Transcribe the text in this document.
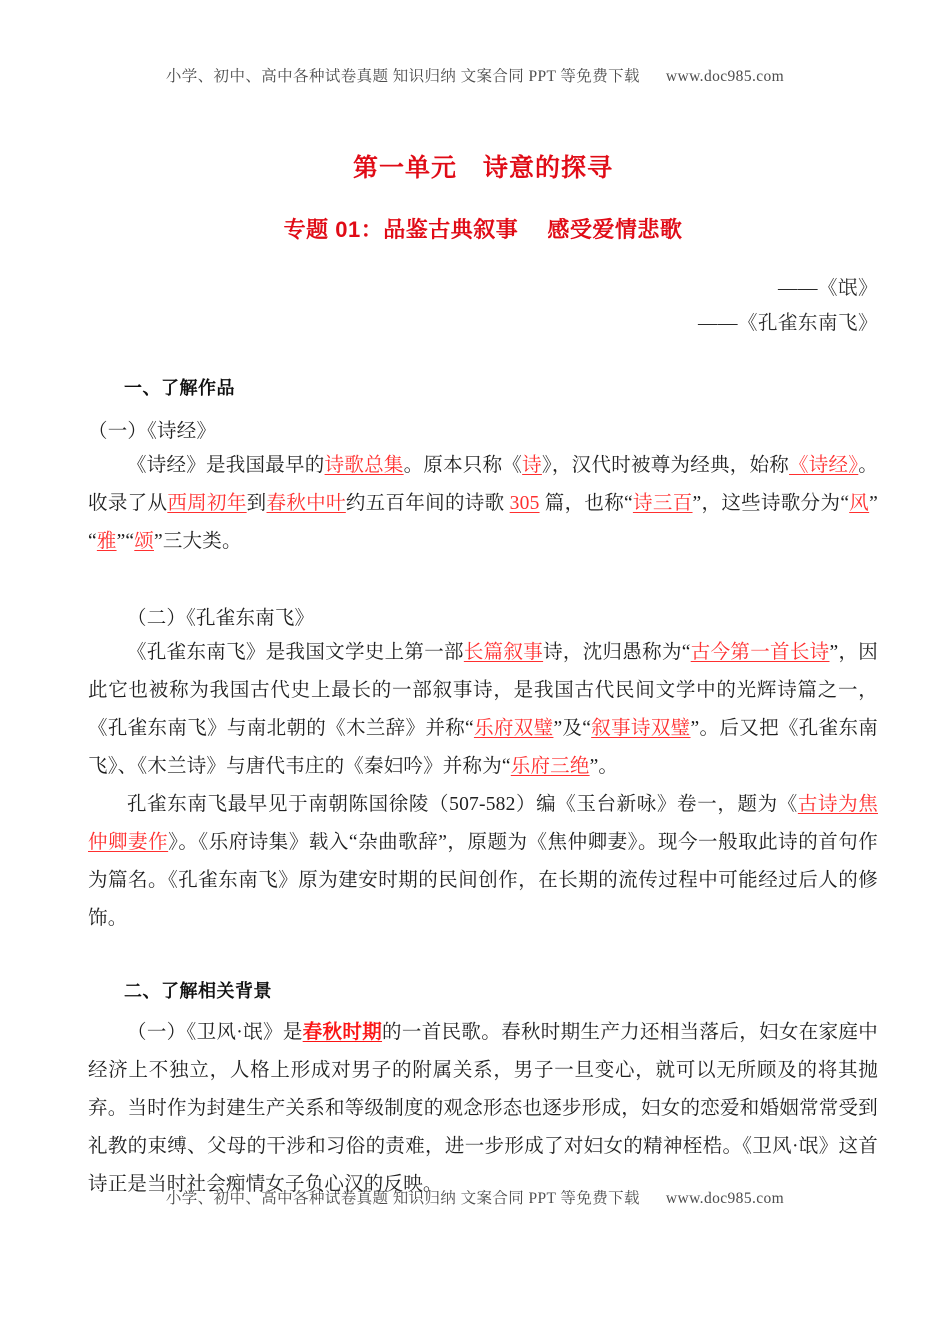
小学、初中、高中各种试卷真题 知识归纳 文案合同 PPT 等免费下载 www.doc985.com
第一单元　诗意的探寻
专题 01：品鉴古典叙事　 感受爱情悲歌
——《氓》
——《孔雀东南飞》
一、了解作品
（一）《诗经》
《诗经》是我国最早的诗歌总集。原本只称《诗》，汉代时被尊为经典，始称《诗经》。收录了从西周初年到春秋中叶约五百年间的诗歌 305 篇，也称“诗三百”，这些诗歌分为“风”“雅”“颂”三大类。
（二）《孔雀东南飞》
《孔雀东南飞》是我国文学史上第一部长篇叙事诗，沈归愚称为“古今第一首长诗”，因此它也被称为我国古代史上最长的一部叙事诗，是我国古代民间文学中的光辉诗篇之一，《孔雀东南飞》与南北朝的《木兰辞》并称“乐府双璧”及“叙事诗双璧”。后又把《孔雀东南飞》、《木兰诗》与唐代韦庄的《秦妇吟》并称为“乐府三绝”。
孔雀东南飞最早见于南朝陈国徐陵（507-582）编《玉台新咏》卷一，题为《古诗为焦仲卿妻作》。《乐府诗集》载入“杂曲歌辞”，原题为《焦仲卿妻》。现今一般取此诗的首句作为篇名。《孔雀东南飞》原为建安时期的民间创作，在长期的流传过程中可能经过后人的修饰。
二、了解相关背景
（一）《卫风·氓》是春秋时期的一首民歌。春秋时期生产力还相当落后，妇女在家庭中经济上不独立，人格上形成对男子的附属关系，男子一旦变心，就可以无所顾及的将其抛弃。当时作为封建生产关系和等级制度的观念形态也逐步形成，妇女的恋爱和婚姻常常受到礼教的束缚、父母的干涉和习俗的责难，进一步形成了对妇女的精神桎梏。《卫风·氓》这首诗正是当时社会痴情女子负心汉的反映。
小学、初中、高中各种试卷真题 知识归纳 文案合同 PPT 等免费下载 www.doc985.com
